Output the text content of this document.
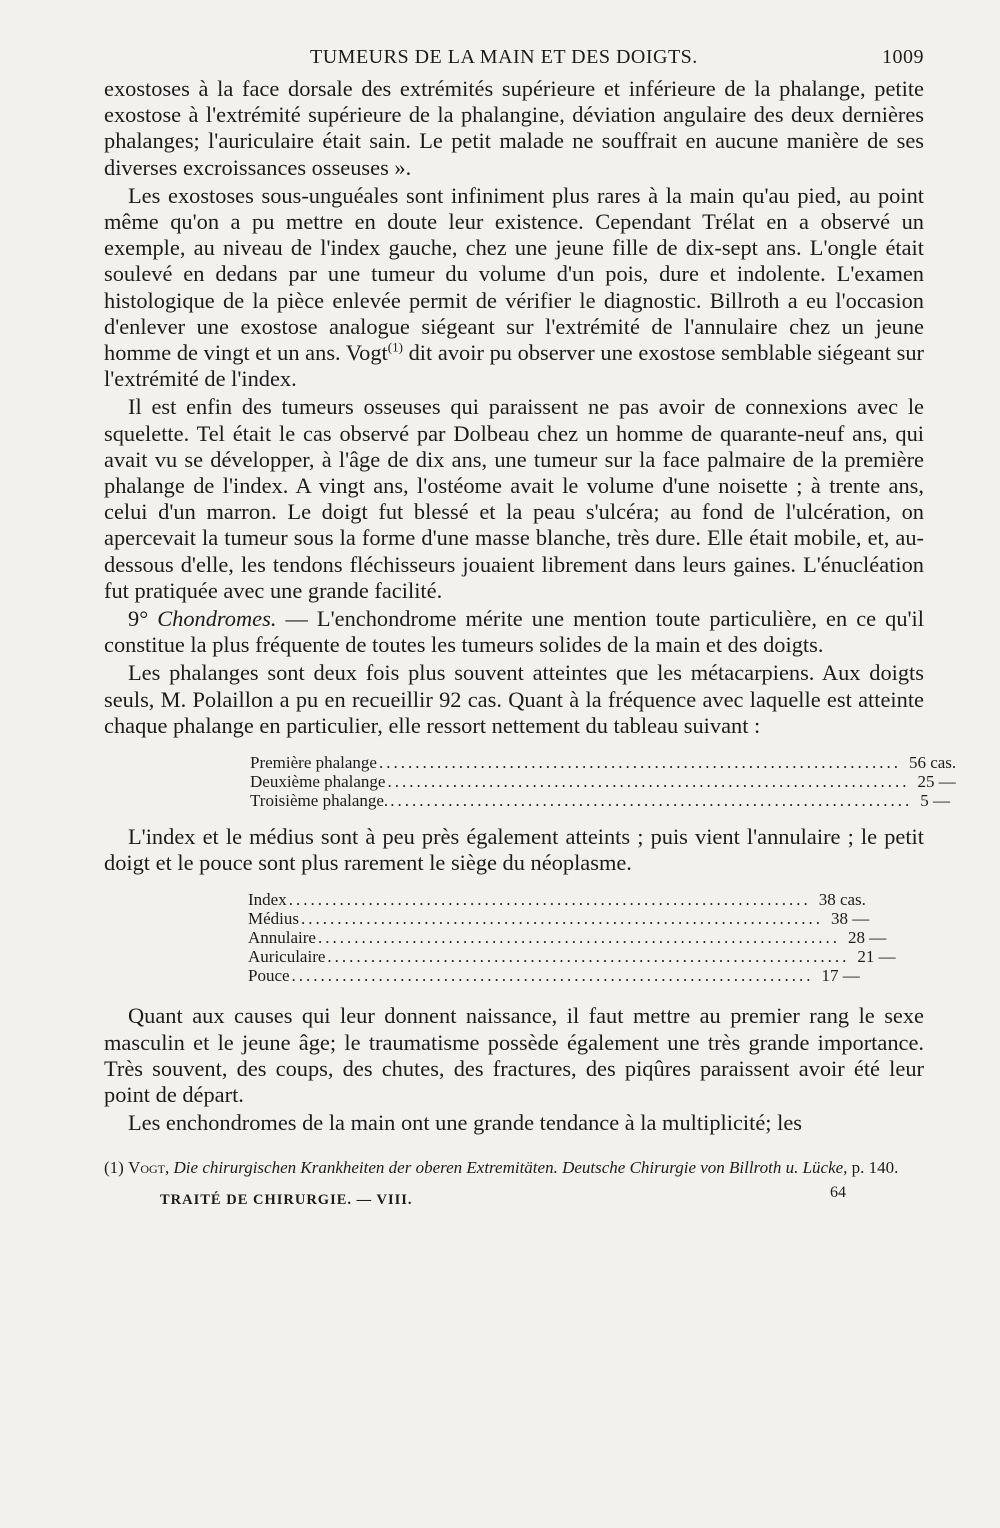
TUMEURS DE LA MAIN ET DES DOIGTS.	1009

exostoses à la face dorsale des extrémités supérieure et inférieure de la phalange, petite exostose à l'extrémité supérieure de la phalangine, déviation angulaire des deux dernières phalanges; l'auriculaire était sain. Le petit malade ne souffrait en aucune manière de ses diverses excroissances osseuses ».

Les exostoses sous-unguéales sont infiniment plus rares à la main qu'au pied, au point même qu'on a pu mettre en doute leur existence. Cependant Trélat en a observé un exemple, au niveau de l'index gauche, chez une jeune fille de dix-sept ans. L'ongle était soulevé en dedans par une tumeur du volume d'un pois, dure et indolente. L'examen histologique de la pièce enlevée permit de vérifier le diagnostic. Billroth a eu l'occasion d'enlever une exostose analogue siégeant sur l'extrémité de l'annulaire chez un jeune homme de vingt et un ans. Vogt$^{(1)}$ dit avoir pu observer une exostose semblable siégeant sur l'extrémité de l'index.

Il est enfin des tumeurs osseuses qui paraissent ne pas avoir de connexions avec le squelette. Tel était le cas observé par Dolbeau chez un homme de quarante-neuf ans, qui avait vu se développer, à l'âge de dix ans, une tumeur sur la face palmaire de la première phalange de l'index. A vingt ans, l'ostéome avait le volume d'une noisette ; à trente ans, celui d'un marron. Le doigt fut blessé et la peau s'ulcéra; au fond de l'ulcération, on apercevait la tumeur sous la forme d'une masse blanche, très dure. Elle était mobile, et, au-dessous d'elle, les tendons fléchisseurs jouaient librement dans leurs gaines. L'énucléation fut pratiquée avec une grande facilité.

9° Chondromes. — L'enchondrome mérite une mention toute particulière, en ce qu'il constitue la plus fréquente de toutes les tumeurs solides de la main et des doigts.

Les phalanges sont deux fois plus souvent atteintes que les métacarpiens. Aux doigts seuls, M. Polaillon a pu en recueillir 92 cas. Quant à la fréquence avec laquelle est atteinte chaque phalange en particulier, elle ressort nettement du tableau suivant :

Première phalange ........................................................................ 56 cas.
Deuxième phalange ........................................................................ 25 —
Troisième phalange. ........................................................................ 5 —

L'index et le médius sont à peu près également atteints ; puis vient l'annulaire ; le petit doigt et le pouce sont plus rarement le siège du néoplasme.

Index ........................................................................ 38 cas.
Médius ........................................................................ 38 —
Annulaire ........................................................................ 28 —
Auriculaire ........................................................................ 21 —
Pouce ........................................................................ 17 —

Quant aux causes qui leur donnent naissance, il faut mettre au premier rang le sexe masculin et le jeune âge; le traumatisme possède également une très grande importance. Très souvent, des coups, des chutes, des fractures, des piqûres paraissent avoir été leur point de départ.

Les enchondromes de la main ont une grande tendance à la multiplicité; les

(1) Vogt, Die chirurgischen Krankheiten der oberen Extremitäten. Deutsche Chirurgie von Billroth u. Lücke, p. 140.
TRAITÉ DE CHIRURGIE. — VIII.	64
